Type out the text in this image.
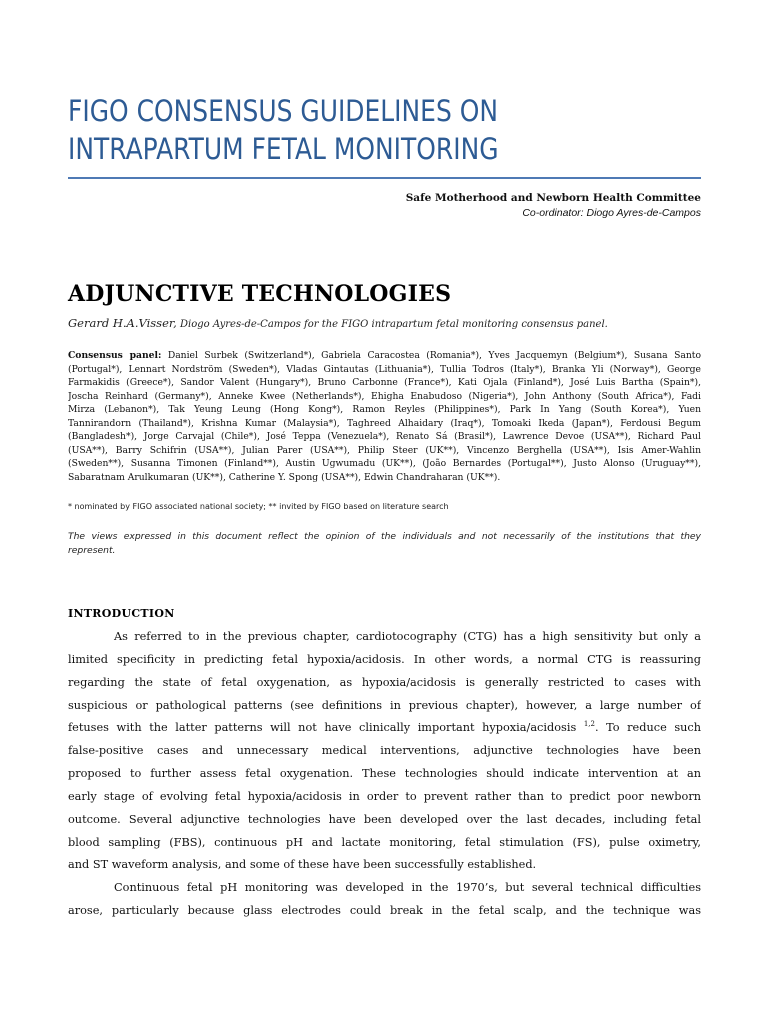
FIGO CONSENSUS GUIDELINES ON
INTRAPARTUM FETAL MONITORING
Safe Motherhood and Newborn Health Committee
Co-ordinator: Diogo Ayres-de-Campos
ADJUNCTIVE TECHNOLOGIES
Gerard H.A.Visser, Diogo Ayres-de-Campos for the FIGO intrapartum fetal monitoring consensus panel.
Consensus panel: Daniel Surbek (Switzerland*), Gabriela Caracostea (Romania*), Yves Jacquemyn (Belgium*), Susana Santo
(Portugal*), Lennart Nordström (Sweden*), Vladas Gintautas (Lithuania*), Tullia Todros (Italy*), Branka Yli (Norway*), George
Farmakidis (Greece*), Sandor Valent (Hungary*), Bruno Carbonne (France*), Kati Ojala (Finland*), José Luis Bartha (Spain*),
Joscha Reinhard (Germany*), Anneke Kwee (Netherlands*), Ehigha Enabudoso (Nigeria*), John Anthony (South Africa*), Fadi
Mirza (Lebanon*), Tak Yeung Leung (Hong Kong*), Ramon Reyles (Philippines*), Park In Yang (South Korea*), Yuen
Tannirandorn (Thailand*), Krishna Kumar (Malaysia*), Taghreed Alhaidary (Iraq*), Tomoaki Ikeda (Japan*), Ferdousi Begum
(Bangladesh*), Jorge Carvajal (Chile*), José Teppa (Venezuela*), Renato Sá (Brasil*), Lawrence Devoe (USA**), Richard Paul
(USA**), Barry Schifrin (USA**), Julian Parer (USA**), Philip Steer (UK**), Vincenzo Berghella (USA**), Isis Amer-Wahlin
(Sweden**), Susanna Timonen (Finland**), Austin Ugwumadu (UK**), (João Bernardes (Portugal**), Justo Alonso (Uruguay**),
Sabaratnam Arulkumaran (UK**), Catherine Y. Spong (USA**), Edwin Chandraharan (UK**).
* nominated by FIGO associated national society; ** invited by FIGO based on literature search
The views expressed in this document reflect the opinion of the individuals and not necessarily of the institutions that they
represent.
INTRODUCTION
As referred to in the previous chapter, cardiotocography (CTG) has a high sensitivity but only a
limited specificity in predicting fetal hypoxia/acidosis. In other words, a normal CTG is reassuring
regarding the state of fetal oxygenation, as hypoxia/acidosis is generally restricted to cases with
suspicious or pathological patterns (see definitions in previous chapter), however, a large number of
fetuses with the latter patterns will not have clinically important hypoxia/acidosis $^{1,2}$. To reduce such
false-positive cases and unnecessary medical interventions, adjunctive technologies have been
proposed to further assess fetal oxygenation. These technologies should indicate intervention at an
early stage of evolving fetal hypoxia/acidosis in order to prevent rather than to predict poor newborn
outcome. Several adjunctive technologies have been developed over the last decades, including fetal
blood sampling (FBS), continuous pH and lactate monitoring, fetal stimulation (FS), pulse oximetry,
and ST waveform analysis, and some of these have been successfully established.
Continuous fetal pH monitoring was developed in the 1970’s, but several technical difficulties
arose, particularly because glass electrodes could break in the fetal scalp, and the technique was
